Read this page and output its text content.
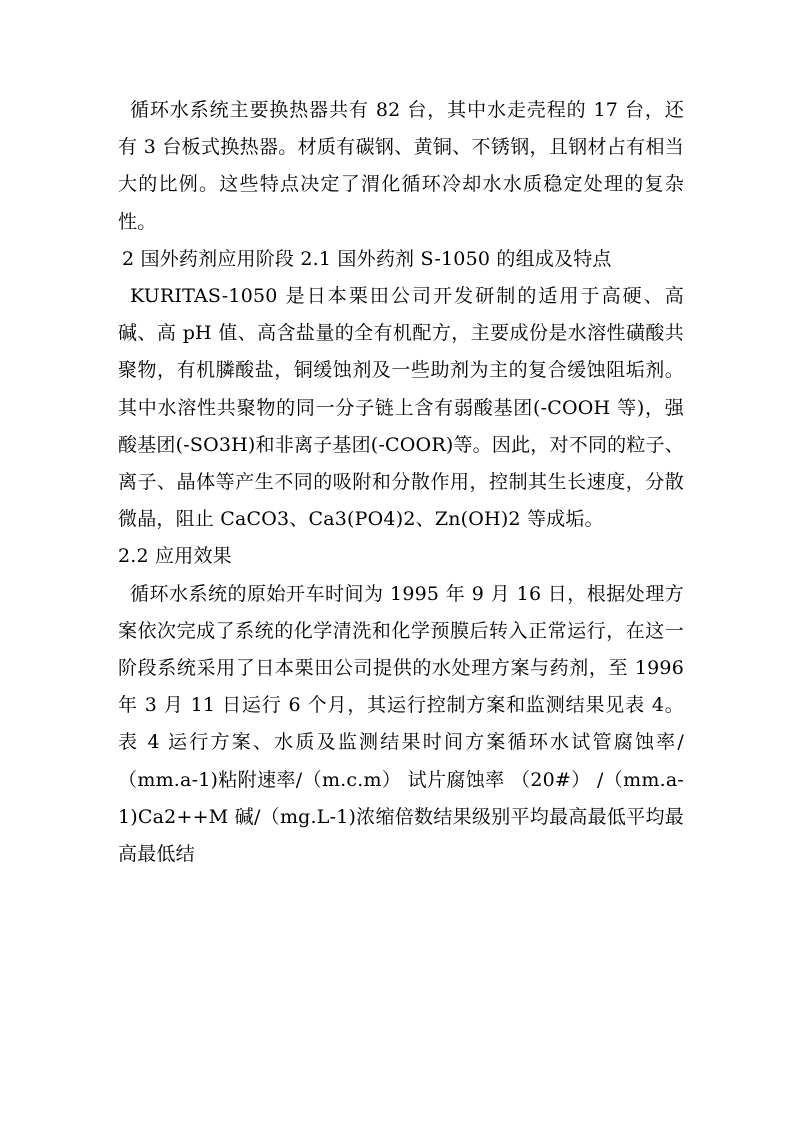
循环水系统主要换热器共有 82 台，其中水走壳程的 17 台，还有 3 台板式换热器。材质有碳钢、黄铜、不锈钢，且钢材占有相当大的比例。这些特点决定了渭化循环冷却水水质稳定处理的复杂性。

2 国外药剂应用阶段 2.1 国外药剂 S-1050 的组成及特点

KURITAS-1050 是日本栗田公司开发研制的适用于高硬、高碱、高 pH 值、高含盐量的全有机配方，主要成份是水溶性磺酸共聚物，有机膦酸盐，铜缓蚀剂及一些助剂为主的复合缓蚀阻垢剂。其中水溶性共聚物的同一分子链上含有弱酸基团(-COOH 等)，强酸基团(-SO3H)和非离子基团(-COOR)等。因此，对不同的粒子、离子、晶体等产生不同的吸附和分散作用，控制其生长速度，分散微晶，阻止 CaCO3、Ca3(PO4)2、Zn(OH)2 等成垢。

2.2 应用效果

循环水系统的原始开车时间为 1995 年 9 月 16 日，根据处理方案依次完成了系统的化学清洗和化学预膜后转入正常运行，在这一阶段系统采用了日本栗田公司提供的水处理方案与药剂，至 1996 年 3 月 11 日运行 6 个月，其运行控制方案和监测结果见表 4。 表 4 运行方案、水质及监测结果时间方案循环水试管腐蚀率/（mm.a-1)粘附速率/（m.c.m） 试片腐蚀率 （20#） /（mm.a-1)Ca2++M 碱/（mg.L-1)浓缩倍数结果级别平均最高最低平均最高最低结
